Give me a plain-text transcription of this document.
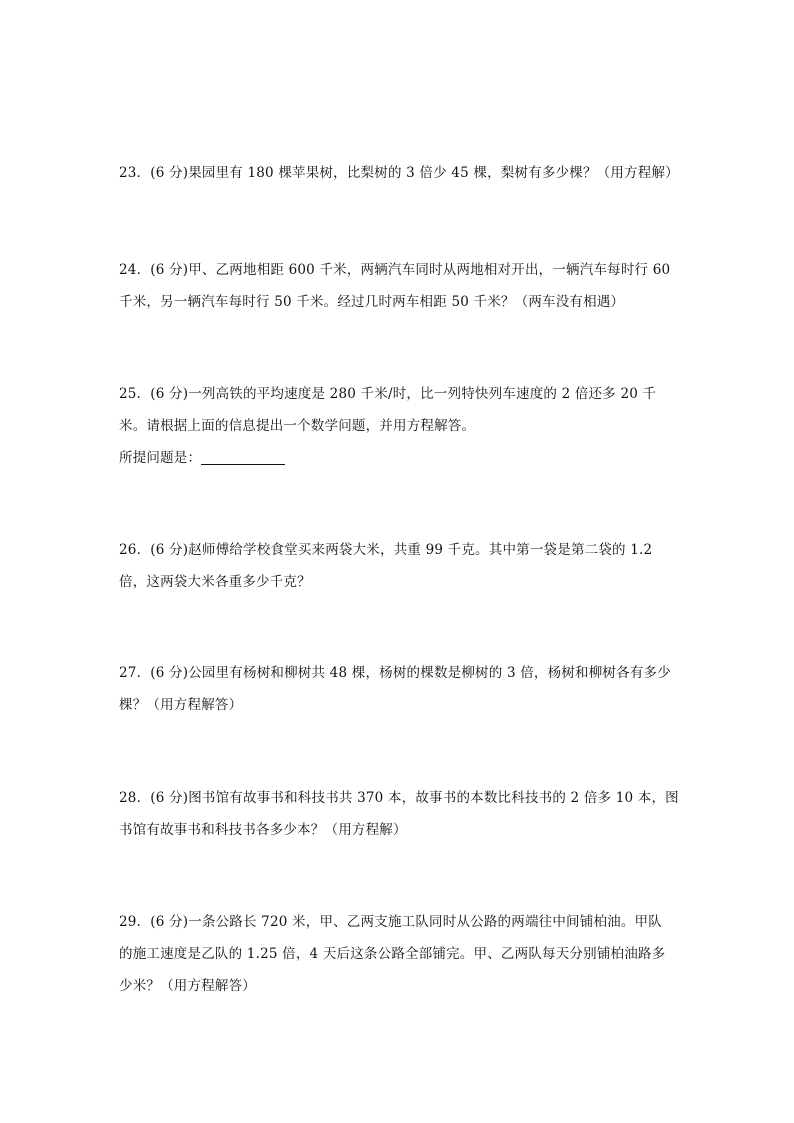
23．(6 分)果园里有 180 棵苹果树，比梨树的 3 倍少 45 棵，梨树有多少棵？（用方程解）
24．(6 分)甲、乙两地相距 600 千米，两辆汽车同时从两地相对开出，一辆汽车每时行 60
千米，另一辆汽车每时行 50 千米。经过几时两车相距 50 千米？（两车没有相遇）
25．(6 分)一列高铁的平均速度是 280 千米/时，比一列特快列车速度的 2 倍还多 20 千
米。请根据上面的信息提出一个数学问题，并用方程解答。
所提问题是：
26．(6 分)赵师傅给学校食堂买来两袋大米，共重 99 千克。其中第一袋是第二袋的 1.2
倍，这两袋大米各重多少千克？
27．(6 分)公园里有杨树和柳树共 48 棵，杨树的棵数是柳树的 3 倍，杨树和柳树各有多少
棵？（用方程解答）
28．(6 分)图书馆有故事书和科技书共 370 本，故事书的本数比科技书的 2 倍多 10 本，图
书馆有故事书和科技书各多少本？（用方程解）
29．(6 分)一条公路长 720 米，甲、乙两支施工队同时从公路的两端往中间铺柏油。甲队
的施工速度是乙队的 1.25 倍，4 天后这条公路全部铺完。甲、乙两队每天分别铺柏油路多
少米？（用方程解答）
